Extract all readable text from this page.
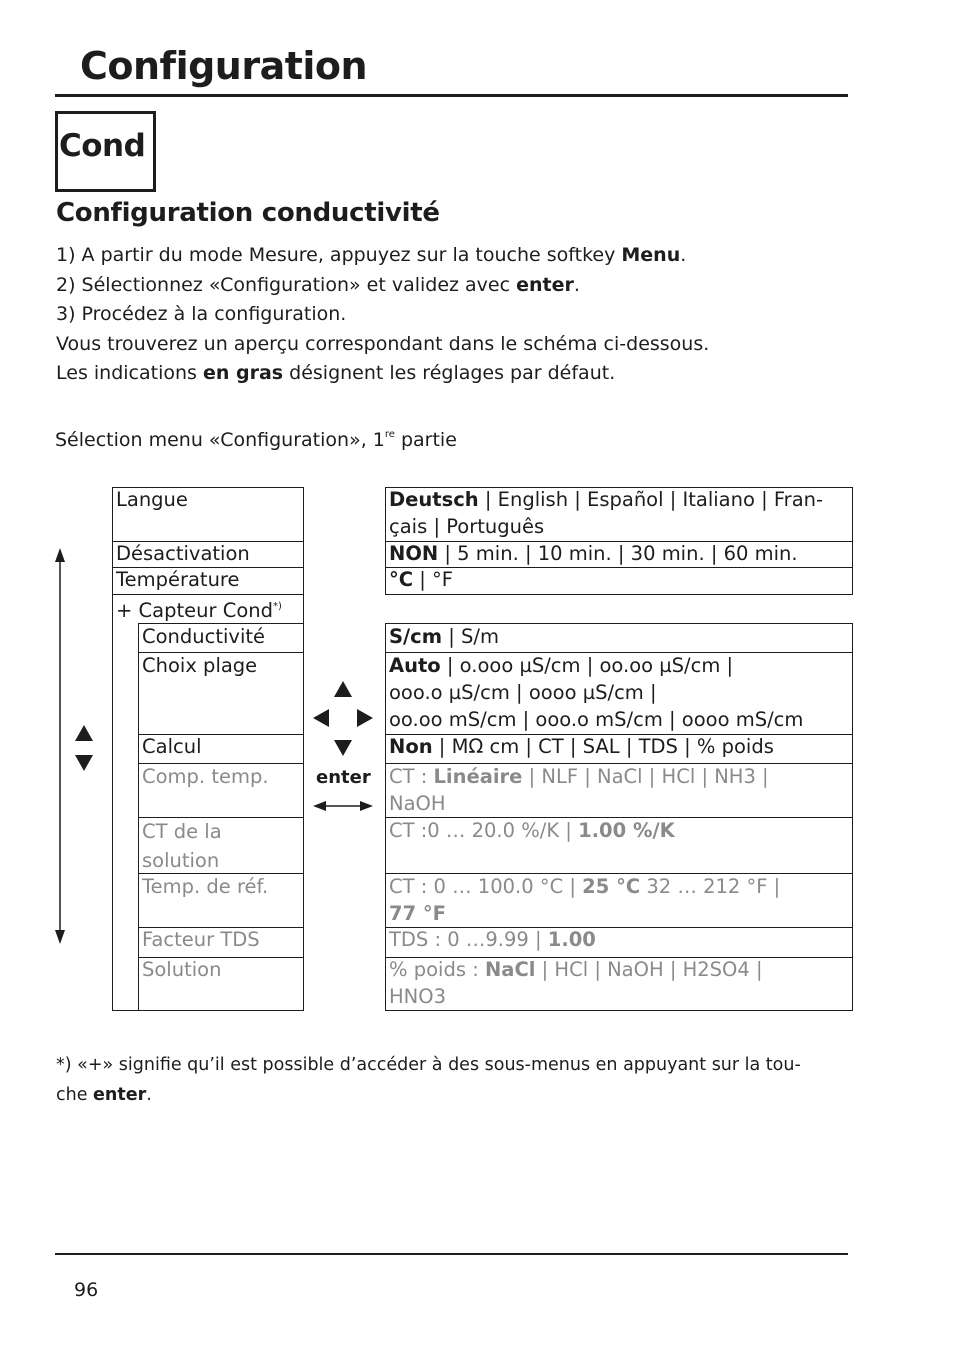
Configuration
Cond
Configuration conductivité

1) A partir du mode Mesure, appuyez sur la touche softkey Menu.

2) Sélectionnez «Configuration» et validez avec enter.

3) Procédez à la configuration.

Vous trouverez un aperçu correspondant dans le schéma ci-dessous.

Les indications en gras désignent les réglages par défaut.

Sélection menu «Configuration», 1re partie
Langue
Désactivation
Température
+ Capteur Cond*)
Conductivité
Choix plage
Calcul
Comp. temp.
CT de la
solution
Temp. de réf.
Facteur TDS
Solution
Deutsch | English | Español | Italiano | Fran-
çais | Português
NON | 5 min. | 10 min. | 30 min. | 60 min.
°C | °F
S/cm | S/m
Auto | o.ooo µS/cm | oo.oo µS/cm |
ooo.o µS/cm | oooo µS/cm |
oo.oo mS/cm | ooo.o mS/cm | oooo mS/cm
Non | MΩ cm | CT | SAL | TDS | % poids
CT : Linéaire | NLF | NaCl | HCl | NH3 |
NaOH
CT :0 … 20.0 %/K | 1.00 %/K
CT : 0 … 100.0 °C | 25 °C 32 … 212 °F |
77 °F
TDS : 0 …9.99 | 1.00
% poids : NaCl | HCl | NaOH | H2SO4 |
HNO3
enter

*) «+» signifie qu’il est possible d’accéder à des sous-menus en appuyant sur la tou-

che enter.

96
